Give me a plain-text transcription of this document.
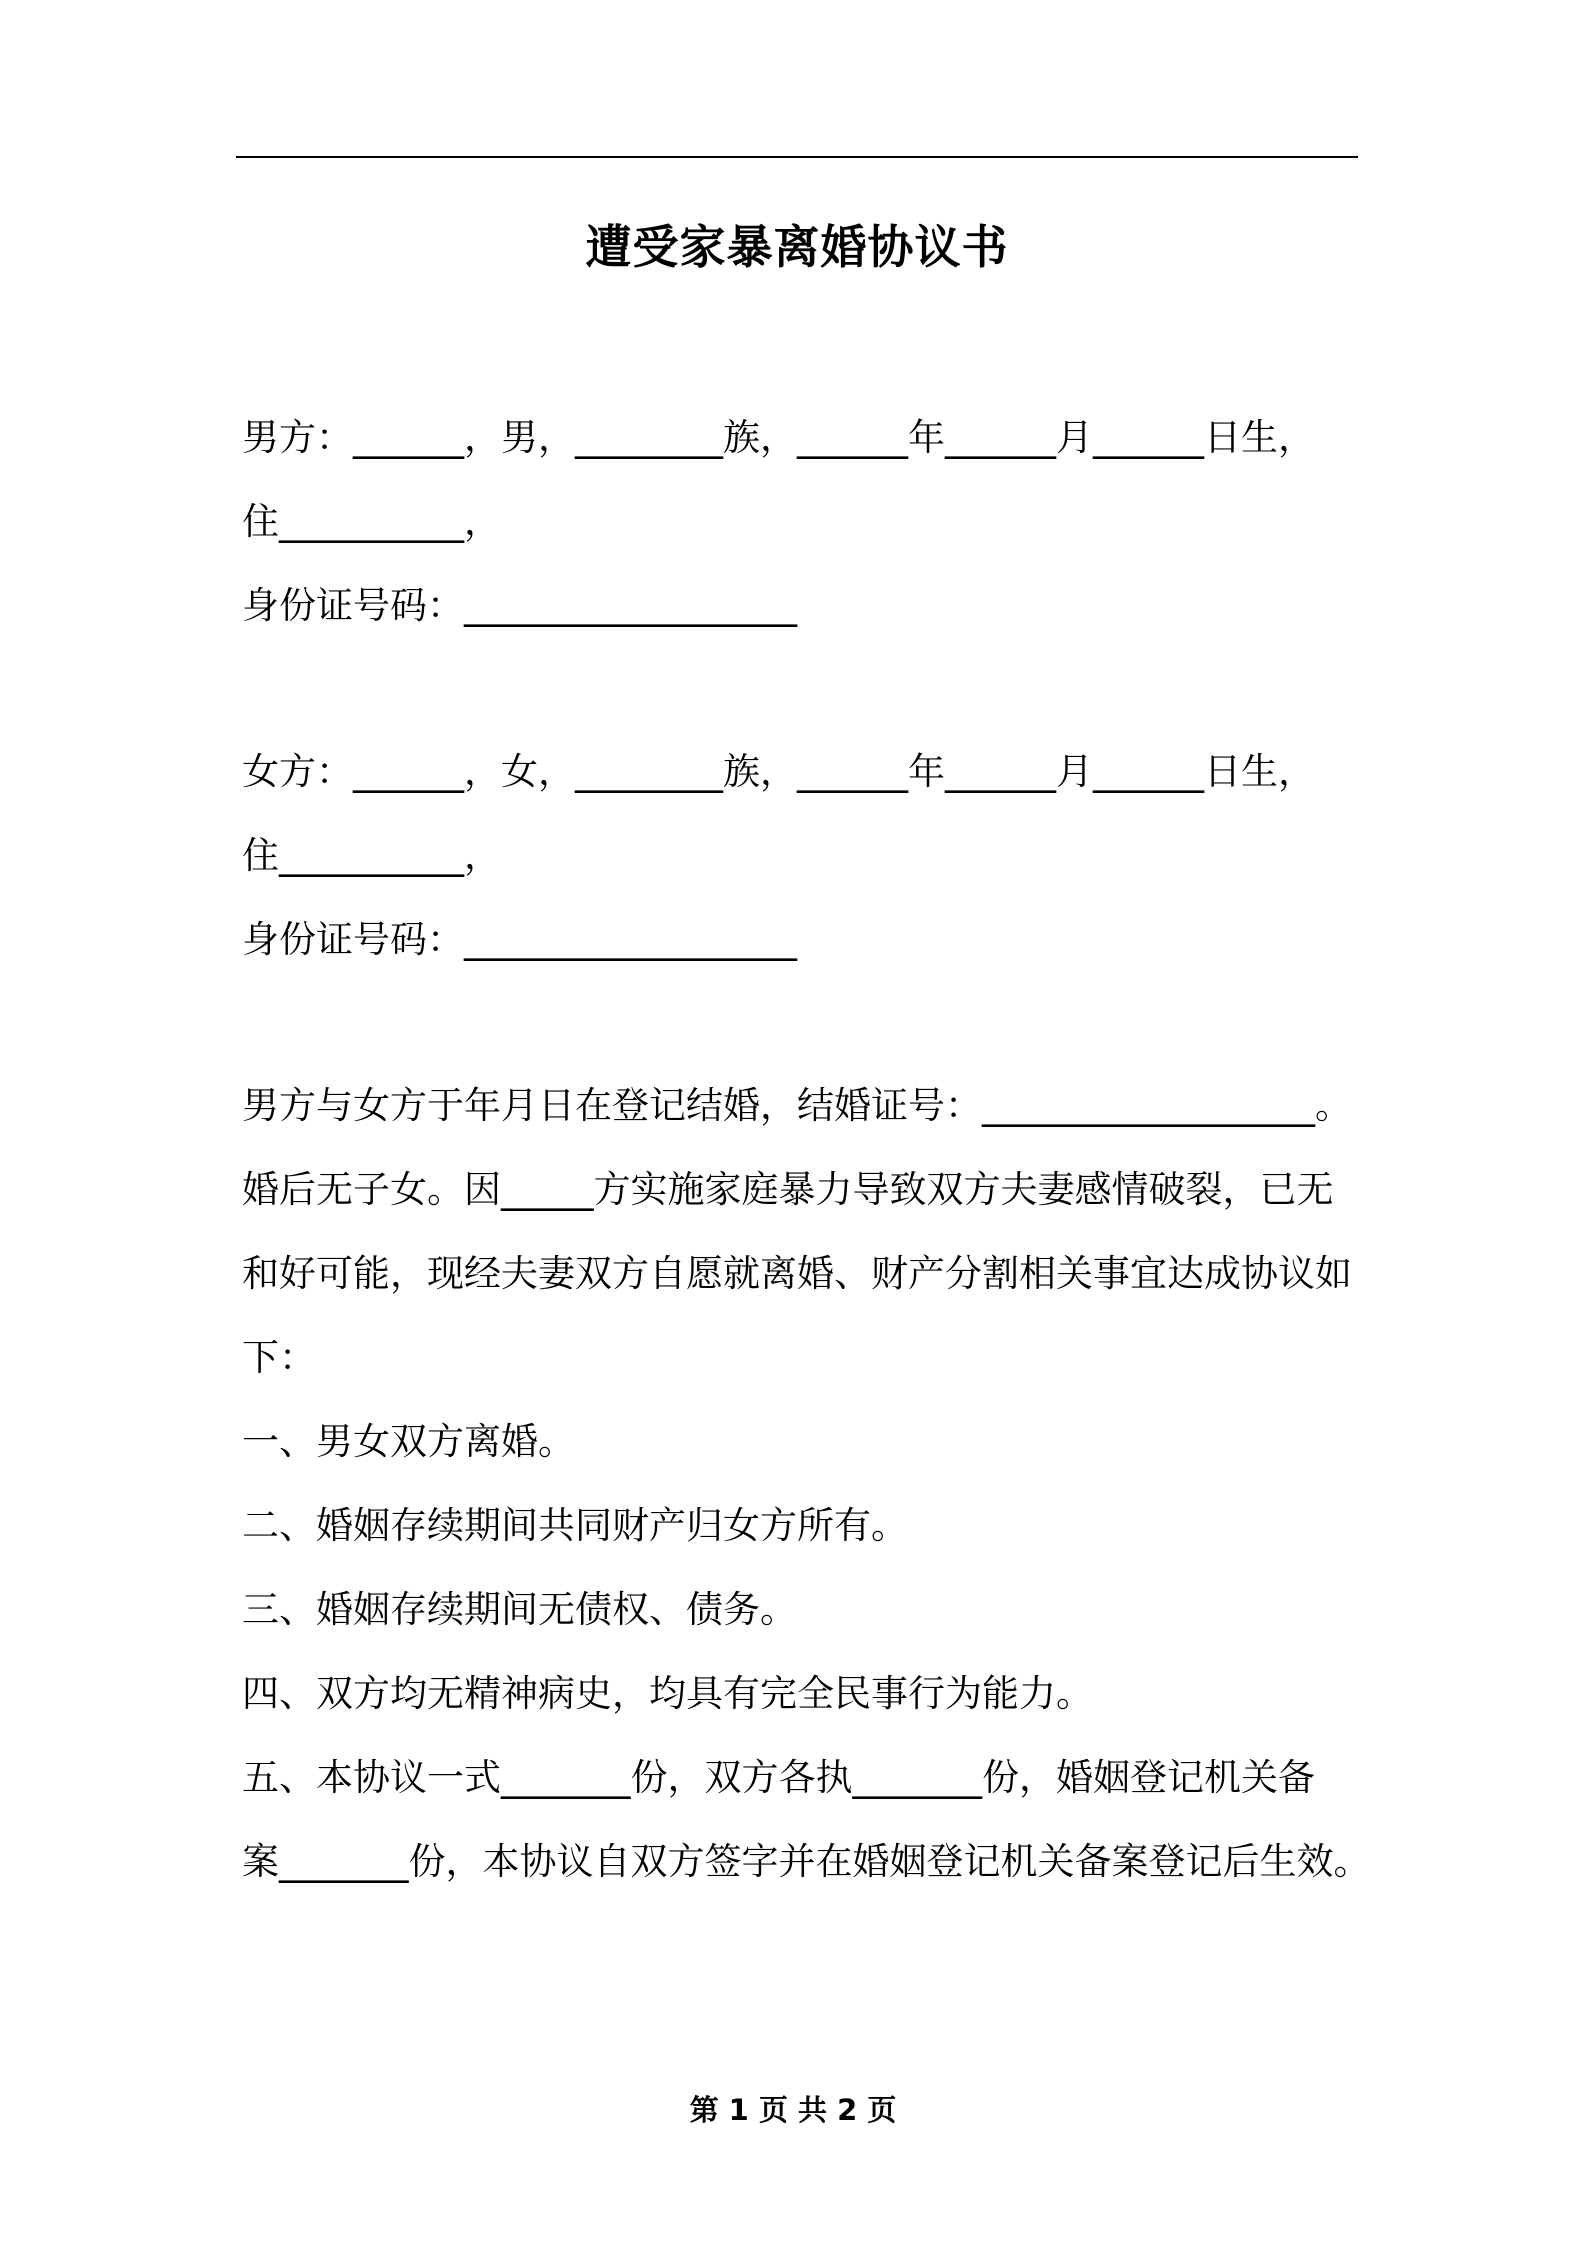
遭受家暴离婚协议书
男方：______，男，________族，______年______月______日生，
住__________，
身份证号码：__________________
女方：______，女，________族，______年______月______日生，
住__________，
身份证号码：__________________
男方与女方于年月日在登记结婚，结婚证号：__________________。
婚后无子女。因_____方实施家庭暴力导致双方夫妻感情破裂，已无
和好可能，现经夫妻双方自愿就离婚、财产分割相关事宜达成协议如
下：
一、男女双方离婚。
二、婚姻存续期间共同财产归女方所有。
三、婚姻存续期间无债权、债务。
四、双方均无精神病史，均具有完全民事行为能力。
五、本协议一式_______份，双方各执_______份，婚姻登记机关备
案_______份，本协议自双方签字并在婚姻登记机关备案登记后生效。
第 1 页 共 2 页
